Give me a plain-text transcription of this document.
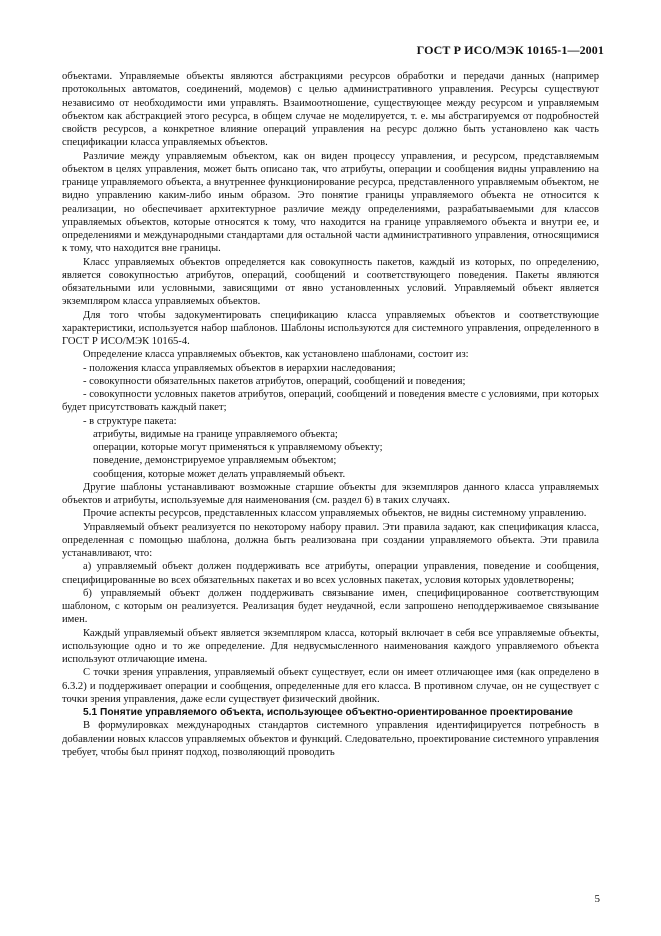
ГОСТ Р ИСО/МЭК 10165-1—2001

объектами. Управляемые объекты являются абстракциями ресурсов обработки и передачи данных (например протокольных автоматов, соединений, модемов) с целью административного управления. Ресурсы существуют независимо от необходимости ими управлять. Взаимоотношение, существующее между ресурсом и управляемым объектом как абстракцией этого ресурса, в общем случае не моделируется, т. е. мы абстрагируемся от подробностей свойств ресурсов, а конкретное влияние операций управления на ресурс должно быть установлено как часть спецификации класса управляемых объектов.

Различие между управляемым объектом, как он виден процессу управления, и ресурсом, представляемым объектом в целях управления, может быть описано так, что атрибуты, операции и сообщения видны управлению на границе управляемого объекта, а внутреннее функционирование ресурса, представленного управляемым объектом, не видно управлению каким-либо иным образом. Это понятие границы управляемого объекта не относится к реализации, но обеспечивает архитектурное различие между определениями, разрабатываемыми для классов управляемых объектов, которые относятся к тому, что находится на границе управляемого объекта и внутри ее, и определениями и международными стандартами для остальной части административного управления, относящимися к тому, что находится вне границы.

Класс управляемых объектов определяется как совокупность пакетов, каждый из которых, по определению, является совокупностью атрибутов, операций, сообщений и соответствующего поведения. Пакеты являются обязательными или условными, зависящими от явно установленных условий. Управляемый объект является экземпляром класса управляемых объектов.

Для того чтобы задокументировать спецификацию класса управляемых объектов и соответствующие характеристики, используется набор шаблонов. Шаблоны используются для системного управления, определенного в ГОСТ Р ИСО/МЭК 10165-4.

Определение класса управляемых объектов, как установлено шаблонами, состоит из:

- положения класса управляемых объектов в иерархии наследования;

- совокупности обязательных пакетов атрибутов, операций, сообщений и поведения;

- совокупности условных пакетов атрибутов, операций, сообщений и поведения вместе с условиями, при которых будет присутствовать каждый пакет;

- в структуре пакета:

атрибуты, видимые на границе управляемого объекта;

операции, которые могут применяться к управляемому объекту;

поведение, демонстрируемое управляемым объектом;

сообщения, которые может делать управляемый объект.

Другие шаблоны устанавливают возможные старшие объекты для экземпляров данного класса управляемых объектов и атрибуты, используемые для наименования (см. раздел 6) в таких случаях.

Прочие аспекты ресурсов, представленных классом управляемых объектов, не видны системному управлению.

Управляемый объект реализуется по некоторому набору правил. Эти правила задают, как спецификация класса, определенная с помощью шаблона, должна быть реализована при создании управляемого объекта. Эти правила устанавливают, что:

а) управляемый объект должен поддерживать все атрибуты, операции управления, поведение и сообщения, специфицированные во всех обязательных пакетах и во всех условных пакетах, условия которых удовлетворены;

б) управляемый объект должен поддерживать связывание имен, специфицированное соответствующим шаблоном, с которым он реализуется. Реализация будет неудачной, если запрошено неподдерживаемое связывание имен.

Каждый управляемый объект является экземпляром класса, который включает в себя все управляемые объекты, использующие одно и то же определение. Для недвусмысленного наименования каждого управляемого объекта используют отличающие имена.

С точки зрения управления, управляемый объект существует, если он имеет отличающее имя (как определено в 6.3.2) и поддерживает операции и сообщения, определенные для его класса. В противном случае, он не существует с точки зрения управления, даже если существует физический двойник.

5.1 Понятие управляемого объекта, использующее объектно-ориентированное проектирование

В формулировках международных стандартов системного управления идентифицируется потребность в добавлении новых классов управляемых объектов и функций. Следовательно, проектирование системного управления требует, чтобы был принят подход, позволяющий проводить

5
